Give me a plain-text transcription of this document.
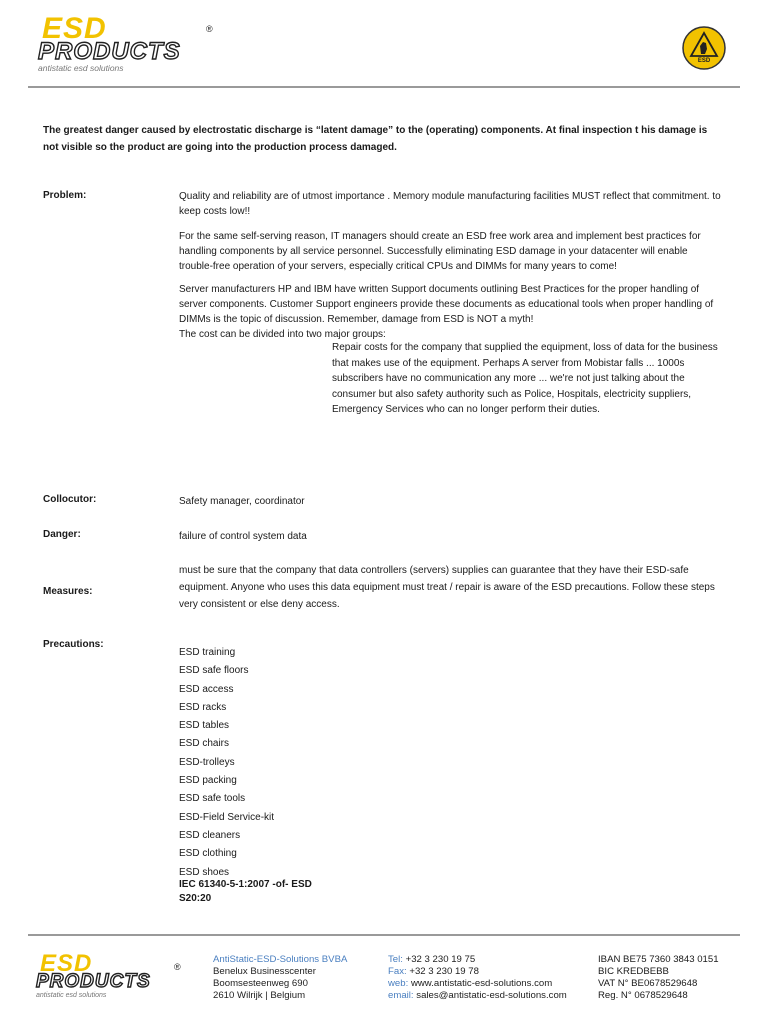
ESD
PRODUCTS
antistatic esd solutions
®
ESD
The greatest danger caused by electrostatic discharge is “latent damage” to the (operating) components. At final inspection t his damage is not visible so the product are going into the production process damaged.
Problem:	Quality and reliability are of utmost importance . Memory module manufacturing facilities MUST reflect that commitment. to keep costs low!!

For the same self-serving reason, IT managers should create an ESD free work area and implement best practices for handling components by all service personnel. Successfully eliminating ESD damage in your datacenter will enable trouble-free operation of your servers, especially critical CPUs and DIMMs for many years to come!

Server manufacturers HP and IBM have written Support documents outlining Best Practices for the proper handling of server components. Customer Support engineers provide these documents as educational tools when proper handling of DIMMs is the topic of discussion. Remember, damage from ESD is NOT a myth!

The cost can be divided into two major groups:

Repair costs for the company that supplied the equipment, loss of data for the business that makes use of the equipment. Perhaps A server from Mobistar falls ... 1000s subscribers have no communication any more ... we're not just talking about the consumer but also safety authority such as Police, Hospitals, electricity suppliers, Emergency Services who can no longer perform their duties.
Collocutor:	Safety manager, coordinator
Danger:	failure of control system data
Measures:
must be sure that the company that data controllers (servers) supplies can guarantee that they have their ESD-safe equipment. Anyone who uses this data equipment must treat / repair is aware of the ESD precautions. Follow these steps very consistent or else deny access.
Precautions:
ESD training
ESD safe floors
ESD access
ESD racks
ESD tables
ESD chairs
ESD-trolleys
ESD packing
ESD safe tools
ESD-Field Service-kit
ESD cleaners
ESD clothing
ESD shoes
IEC 61340-5-1:2007 -of- ESD
S20:20
ESD
PRODUCTS
antistatic esd solutions
®
AntiStatic-ESD-Solutions BVBA
Benelux Businesscenter
Boomsesteenweg 690
2610 Wilrijk | Belgium
Tel: +32 3 230 19 75
Fax: +32 3 230 19 78
web: www.antistatic-esd-solutions.com
email: sales@antistatic-esd-solutions.com
IBAN BE75 7360 3843 0151
BIC KREDBEBB
VAT N° BE0678529648
Reg. N° 0678529648
